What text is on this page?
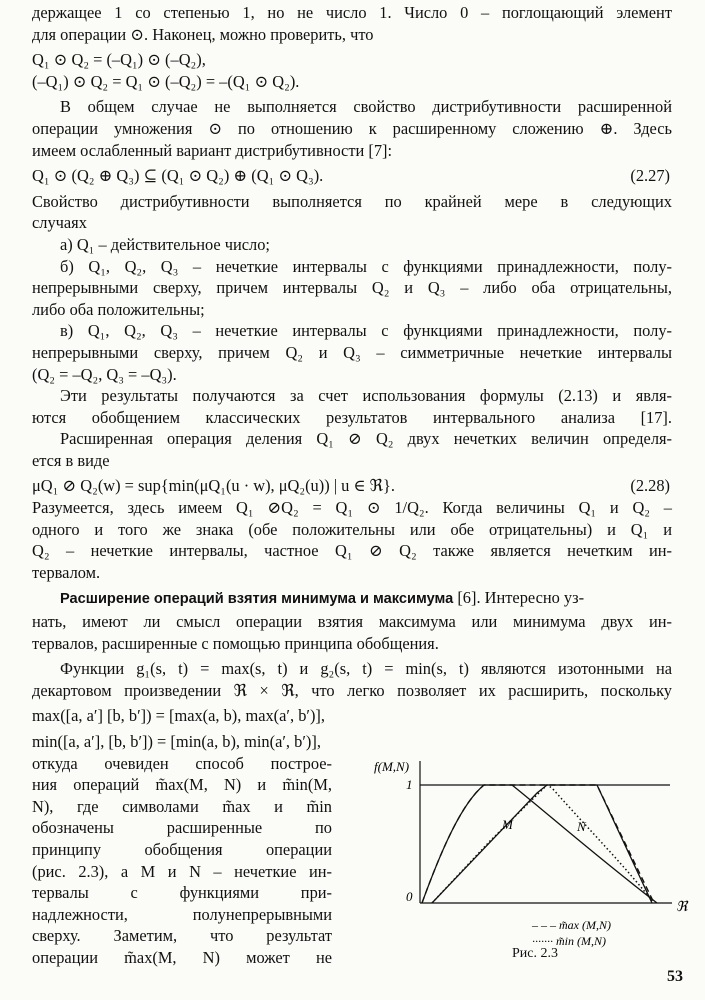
держащее 1 со степенью 1, но не число 1. Число 0 – поглощающий элемент

для операции ⊙. Наконец, можно проверить, что

Q₁ ⊙ Q₂ = (–Q₁) ⊙ (–Q₂),

(–Q₁) ⊙ Q₂ = Q₁ ⊙ (–Q₂) = –(Q₁ ⊙ Q₂).

В общем случае не выполняется свойство дистрибутивности расширенной

операции умножения ⊙ по отношению к расширенному сложению ⊕. Здесь

имеем ослабленный вариант дистрибутивности [7]:

Q₁ ⊙ (Q₂ ⊕ Q₃) ⊆ (Q₁ ⊙ Q₂) ⊕ (Q₁ ⊙ Q₃).	(2.27)

Свойство дистрибутивности выполняется по крайней мере в следующих

случаях

а) Q₁ – действительное число;

б) Q₁, Q₂, Q₃ – нечеткие интервалы с функциями принадлежности, полу-

непрерывными сверху, причем интервалы Q₂ и Q₃ – либо оба отрицательны,

либо оба положительны;

в) Q₁, Q₂, Q₃ – нечеткие интервалы с функциями принадлежности, полу-

непрерывными сверху, причем Q₂ и Q₃ – симметричные нечеткие интервалы

(Q₂ = –Q₂, Q₃ = –Q₃).

Эти результаты получаются за счет использования формулы (2.13) и явля-

ются обобщением классических результатов интервального анализа [17].

Расширенная операция деления Q₁ ⊘ Q₂ двух нечетких величин определя-

ется в виде

μQ₁ ⊘ Q₂(w) = sup{min(μQ₁(u · w), μQ₂(u)) | u ∈ ℜ}.	(2.28)

Разумеется, здесь имеем Q₁ ⊘Q₂ = Q₁ ⊙ 1/Q₂. Когда величины Q₁ и Q₂ –

одного и того же знака (обе положительны или обе отрицательны) и Q₁ и

Q₂ – нечеткие интервалы, частное Q₁ ⊘ Q₂ также является нечетким ин-

тервалом.

Расширение операций взятия минимума и максимума [6]. Интересно уз-

нать, имеют ли смысл операции взятия максимума или минимума двух ин-

тервалов, расширенные с помощью принципа обобщения.

Функции g₁(s, t) = max(s, t) и g₂(s, t) = min(s, t) являются изотонными на

декартовом произведении ℜ × ℜ, что легко позволяет их расширить, поскольку

max([a, a′] [b, b′]) = [max(a, b), max(a′, b′)],

min([a, a′], [b, b′]) = [min(a, b), min(a′, b′)],

откуда очевиден способ построе-

ния операций m̃ax(M, N) и m̃in(M,

N), где символами m̃ax и m̃in

обозначены расширенные по

принципу обобщения операции

(рис. 2.3), а M и N – нечеткие ин-

тервалы с функциями при-

надлежности, полунепрерывными

сверху. Заметим, что результат

операции m̃ax(M, N) может не

f(M,N)
ℜ
1
0
M	N
– – – m̃ax (M,N)
······· m̃in (M,N)
Рис. 2.3
53
